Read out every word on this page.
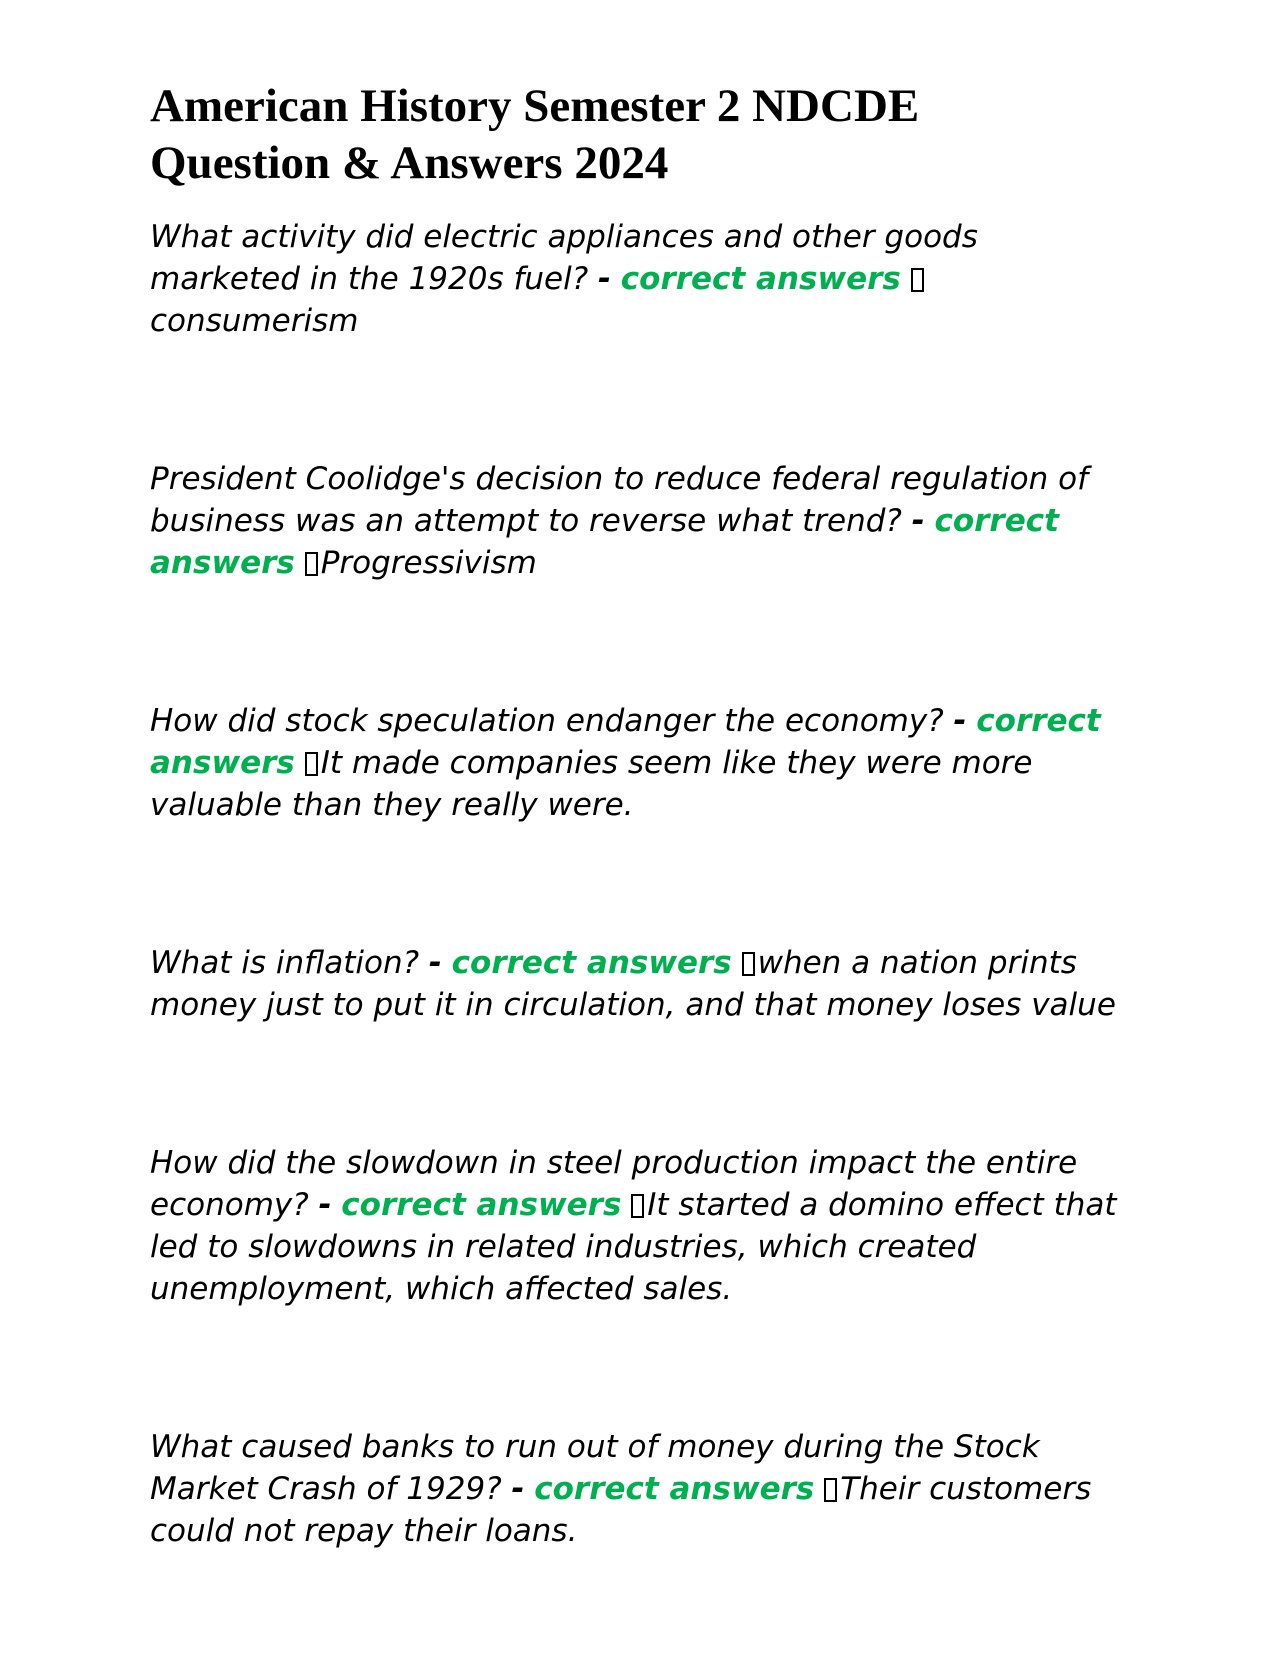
American History Semester 2 NDCDE Question & Answers 2024

What activity did electric appliances and other goods marketed in the 1920s fuel? - correct answers consumerism

President Coolidge's decision to reduce federal regulation of business was an attempt to reverse what trend? - correct answers Progressivism

How did stock speculation endanger the economy? - correct answers It made companies seem like they were more valuable than they really were.

What is inflation? - correct answers when a nation prints money just to put it in circulation, and that money loses value

How did the slowdown in steel production impact the entire economy? - correct answers It started a domino effect that led to slowdowns in related industries, which created unemployment, which affected sales.

What caused banks to run out of money during the Stock Market Crash of 1929? - correct answers Their customers could not repay their loans.
